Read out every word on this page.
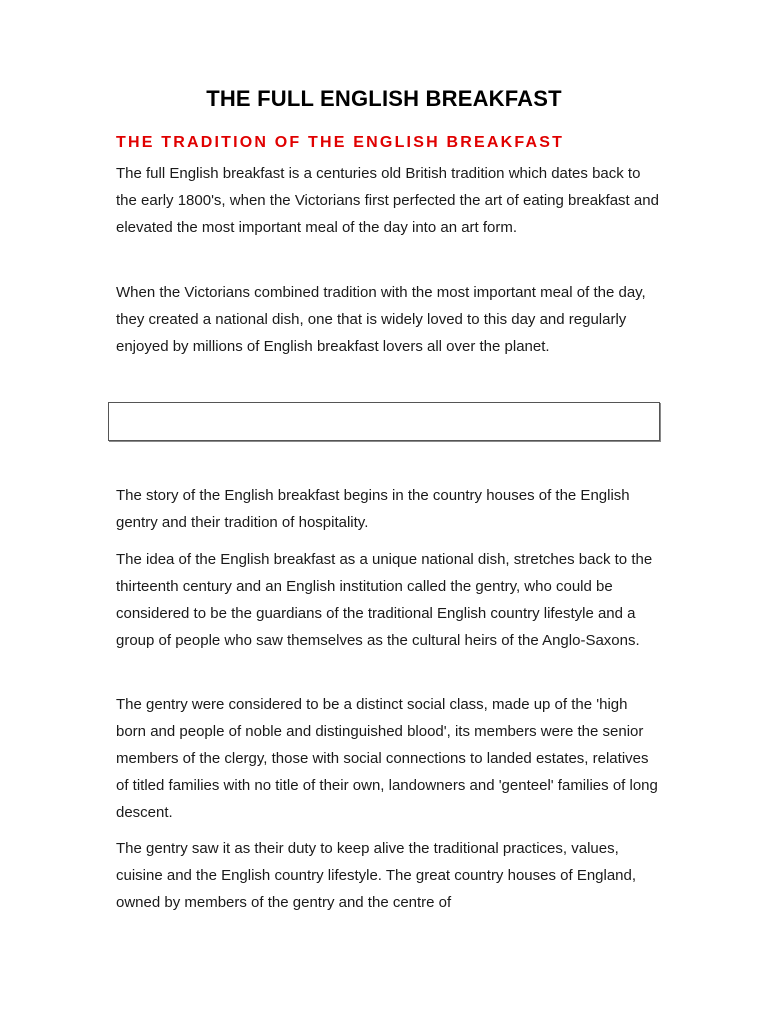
THE FULL ENGLISH BREAKFAST
THE TRADITION OF THE ENGLISH BREAKFAST

The full English breakfast is a centuries old British tradition which dates back to the early 1800's, when the Victorians first perfected the art of eating breakfast and elevated the most important meal of the day into an art form.

When the Victorians combined tradition with the most important meal of the day, they created a national dish, one that is widely loved to this day and regularly enjoyed by millions of English breakfast lovers all over the planet.

The story of the English breakfast begins in the country houses of the English gentry and their tradition of hospitality.

The idea of the English breakfast as a unique national dish, stretches back to the thirteenth century and an English institution called the gentry, who could be considered to be the guardians of the traditional English country lifestyle and a group of people who saw themselves as the cultural heirs of the Anglo-Saxons.

The gentry were considered to be a distinct social class, made up of the 'high born and people of noble and distinguished blood', its members were the senior members of the clergy, those with social connections to landed estates, relatives of titled families with no title of their own, landowners and 'genteel' families of long descent.

The gentry saw it as their duty to keep alive the traditional practices, values, cuisine and the English country lifestyle. The great country houses of England, owned by members of the gentry and the centre of
